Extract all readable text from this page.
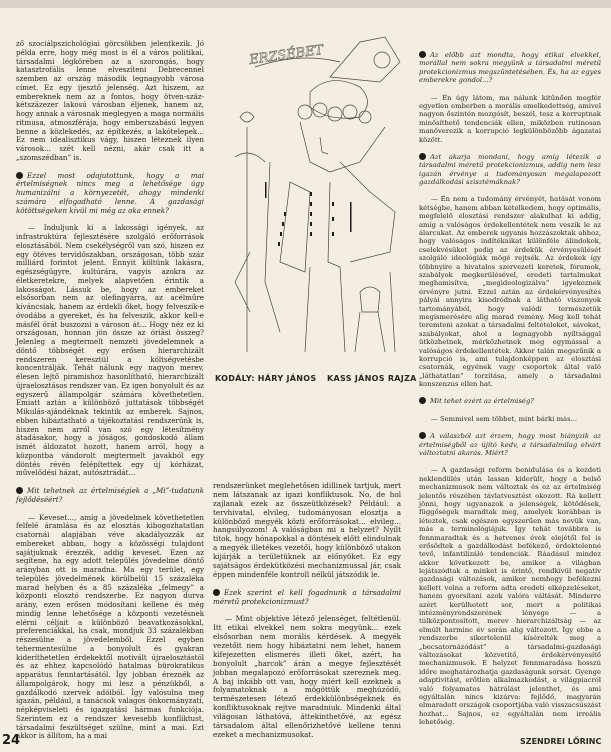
ző szociálpszichológiai görcsökben jelentkezik. Jó példa erre, hogy még most is él a város politikai, társadalmi légkörében az a szorongás, hogy katasztrofális lenne elveszíteni Debrecennel szemben az ország második legnagyobb városa címet. Ez egy ijesztő jelenség. Azt hiszem, az embereknek nem az a fontos, hogy ötven-száz-kétszázezer lakosú városban éljenek, hanem az, hogy annak a városnak meglegyen a maga normális ritmusa, atmoszférája, hogy emberszabású legyen benne a közlekedés, az építkezés, a lakótelepek... Ez nem idealisztikus vágy, hiszen léteznek ilyen városok... szét kell nézni, akár csak itt a „szomszédban” is.

Ezzel most odajutottunk, hogy a mai értelmiségnek nincs meg a lehetősége úgy humanizálni a környezetét, ahogy mindenki számára elfogadható lenne. A gazdasági kötöttségeken kívül mi még az oka ennek?

— Induljunk ki a lakossági igények, az infrastruktúra fejlesztésére szolgáló erőforrások elosztásából. Nem csekélységről van szó, hiszen ez egy ötéves tervidőszakban, országosan, több száz milliárd forintot jelent. Ennyit költünk lakásra, egészségügyre, kultúrára, vagyis azokra az életkeretekre, melyek alapvetően érintik a lakosságot. Lássuk be, hogy az embereket elsősorban nem az olefingyárra, az acélműre kíváncsiak, hanem az érdekli őket, hogy felveszik-e óvodába a gyereket, és ha felveszik, akkor kell-e másfél órát buszozni a városon át... Hogy néz ez ki országosan, honnan jön össze az óriási összeg? Jelenleg a megtermelt nemzeti jövedelemnek a döntő többségét egy erősen hierarchizált rendszeren keresztül a költségvetésbe koncentrálják. Tehát nálunk egy nagyon merev, élesen lejtő piramishoz hasonlítható, hierarchizált újraelosztásos rendszer van. Ez igen bonyolult és az egyszerű állampolgár számára követhetetlen. Emiatt aztán a különböző juttatások többségét Mikulás-ajándéknak tekintik az emberek. Sajnos, ebben hibáztatható a tájékoztatási rendszerünk is, hiszen nem arról van szó egy létesítmény átadásakor, hogy a jóságos, gondoskodó állam ismét áldozatot hozott, hanem arról, hogy a központba vándorolt megtermelt javakból egy döntés révén felépítettek egy új kórházat, művelődési házat, autósztrádát...

Mit tehetnek az értelmiségiek a „Mi”-tudatunk fejlődéséért?

— Keveset..., amíg a jövedelmek követhetetlen felfelé áramlása és az elosztás kibogozhatatlan csatornái alapjában véve akadályozzák az embereket abban, hogy a közösségi tulajdont sajátjuknak érezzék, addig keveset. Ezen az segítene, ha egy adott település jövedelme döntő arányban ott is maradna. Ma egy terület, egy település jövedelmének körülbelül 15 százaléka marad helyben és a 85 százaléka „felmegy” a központi elosztó rendszerbe. Ez nagyon durva arány, ezen erősen módosítani kellene és még mindig lenne lehetősége a központi vezetésnek elérni céljait a különböző beavatkozásokkal, preferenciákkal, ha csak, mondjuk 33 százalékban részesülne a jövedelemből. Ezzel egyben tehermentesülne a bonyolult és gyakran kideríthetetlen érdekektől motivált újraelosztástól és az ehhez kapcsolódó hatalmas bürokratikus apparátus fenntartásától. Így jobban éreznék az állampolgárok, hogy mi lesz a pénzükből, a gazdálkodó szervek adóiból. Így valósulna meg igazán, például, a tanácsok valagos önkormányzati, népképviseleti és igazgatási hármas funkciója. Szerintem ez a rendszer kevesebb konfliktust, társadalmi feszültséget szülne, mint a mai. Ezt akkor is állítom, ha a mai

ERZSÉBET
KODÁLY: HÁRY JÁNOS KASS JÁNOS RAJZA

rendszerünket meglehetősen idillinek tartjuk, mert nem látszanak az igazi konfliktusok. No, de hol zajlanak ezek az összeütközések? Például: a tervhivatal, elvileg, tudományosan elosztja a különböző megyék közti erőforrásokat... elvileg... hangsúlyozom! A valóságban mi a helyzet? Nyílt titok, hogy hónapokkal a döntések előtt elindulnak a megyék illetékes vezetői, hogy különböző utakon kijárják a területüknek az előnyöket. Ez egy sajátságos érdekütközési mechanizmussal jár, csak éppen mindenféle kontroll nélkül játszódik le.

Ezek szerint el kell fogadnunk a társadalmi méretű protekcionizmust?

— Mint objektíve létező jelenséget, feltétlenül. Itt etikai elvekkel nem sokra megyünk... ezek elsősorban nem morális kérdések. A megyék vezetőit nem hogy hibáztatni nem lehet, hanem kifejezetten elismerés illeti őket, azért, ha bonyolult „harcok” árán a megye fejlesztését jobban megalapozó erőforrásokat szereznek meg. A baj inkább ott van, hogy miért kell ezeknek a folyamatoknak a mögöttük meghúzódó, természetesen létező érdekkülönbségeknek és konfliktusoknak rejtve maradniuk. Mindenki által világosan láthatóvá, áttekinthetővé, az egész társadalom által ellenőrizhetővé kellene tenni ezeket a mechanizmusokat.

Az előbb azt mondta, hogy etikai elvekkel, morállal nem sokra megyünk a társadalmi méretű protekcionizmus megszüntetésében. És, ha az egyes emberekre gondol...?

— Én úgy látom, ma nálunk kitűnően megfér egyetlen emberben a morális emelkedettség, amivel nagyon őszintén mozgósít, beszél, tesz a korruptnak minősíthető tendenciák ellen, miközben rutinosan manőverezik a korrupció legkülönbözőbb ágazatai között.

Azt akarja mondani, hogy amíg létezik a társadalmi méretű protekcionizmus, addig nem lesz igazán érvénye a tudományosan megalapozott gazdálkodási szisztémáknak?

— Én nem a tudomány érvényét, hatását vonom kétségbe, hanem abban kételkedem, hogy optimális, megfelelő elosztási rendszer alakulhat ki addig, amíg a valóságos érdekellentétek nem veszik le az álarcukat. Az emberek ugyanis hozzászoktak ahhoz, hogy valóságos indítékaikat különféle álindokok, cselekvésüket pedig az érdekük érvényesülését szolgáló ideológiák mögé rejtsék. Az érdekek így többnyire a hivatalos szervezeti keretek, fórumok, szabályok megkerülésével, eredeti tartalmukat meghamisítva, „megideologizálva” igyekeznek érvényre jutni. Ezzel aztán az érdekérvényesítés pályái annyira kisodródnak a látható viszonyok tartományából, hogy valódi természetük megismerésére alig marad remény. Meg kell tehát teremteni azokat a társadalmi feltételeket, sávokat, szabályokat, ahol a legnagyobb nyíltsággal ütközhetnek, mérkőzhetnek meg egymással a valóságos érdekellentétek. Akkor talán megszűnik a korrupció is, ami tulajdonképpen az elosztási csatornák, egyének vagy csoportok által való „láthatatlan” torzítása, amely a társadalmi konszenzus ellen hat.

Mit tehet ezért az értelmiség?

— Semmivel sem többet, mint bárki más...

A válaszból azt érzem, hogy most hiányzik az értelmiségből az újító kedv, a társadalmilag elvárt változtatni akarás. Miért?

— A gazdasági reform benidulása és a kezdeti neklendülés után lassan kiderült, hogy a belső mechanizmusok nem változtak és ez az értelmiség jelentős részében távlatvesztést okozott. Rá kellett jönni, hogy ugyanazok a jelenségek, kötődések, függőségek maradtak meg, amelyek korábban is léteztek, csak egészen egyszerűen más nevük van, más a terminológiájuk. Így tehát továbbra is fennmaradtak és a hetvenes évek elejétől fel is erősödtek a gazdálkodást befékező, érdektelenné tevő, infantilizáló tendenciák. Ráadásul mindez akkor következett be, amikor a világban lejátszódtak a minket is érintő, rendkívül negatív gazdasági változások, amikor nemhogy befékezni kellett volna a reform adta eredeti elképzeléseket, hanem gyorsítani azok valóra váltását. Minderre azért kerülhetett sor, mert a politikai intézményrendszerének lényege — a túlközpontosított, merev hierarchizáltság — az elmúlt harminc év során alig változott. Így ebbe a rendszerbe sikertelenül kísérelték meg a „becsatornázódást” a társadalmi-gazdasági változásokat közvetítő, érdekérvényesítő mechanizmusok. E helyzet fennmaradása hosszú időre meghatározhatja gazdaságunk sorsát. Gyenge adaptivitást, erőtlen alkalmazkodást, a világpiacról való folyamatos hátrálást jelenthet, és ami egyáltalán nincs kizárva: fejlődő, magyarán elmaradott országok csoportjába való visszacsúszást hozhat... Sajnos, ez egyáltalán nem irreális lehetőség.

24	SZENDREI LŐRINC
